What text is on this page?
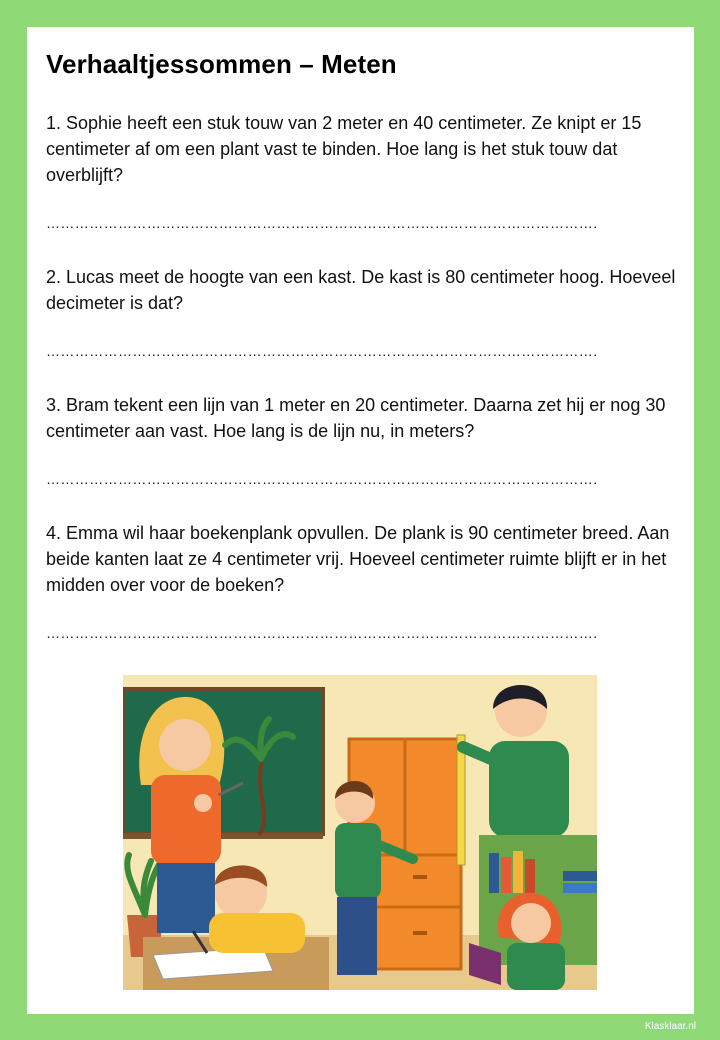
Verhaaltjessommen – Meten
1. Sophie heeft een stuk touw van 2 meter en 40 centimeter. Ze knipt er 15 centimeter af om een plant vast te binden. Hoe lang is het stuk touw dat overblijft?
…………………………………………………………………………………………………….
2. Lucas meet de hoogte van een kast. De kast is 80 centimeter hoog. Hoeveel decimeter is dat?
…………………………………………………………………………………………………….
3. Bram tekent een lijn van 1 meter en 20 centimeter. Daarna zet hij er nog 30 centimeter aan vast. Hoe lang is de lijn nu, in meters?
…………………………………………………………………………………………………….
4. Emma wil haar boekenplank opvullen. De plank is 90 centimeter breed. Aan beide kanten laat ze 4 centimeter vrij. Hoeveel centimeter ruimte blijft er in het midden over voor de boeken?
…………………………………………………………………………………………………….
Klasklaar.nl
